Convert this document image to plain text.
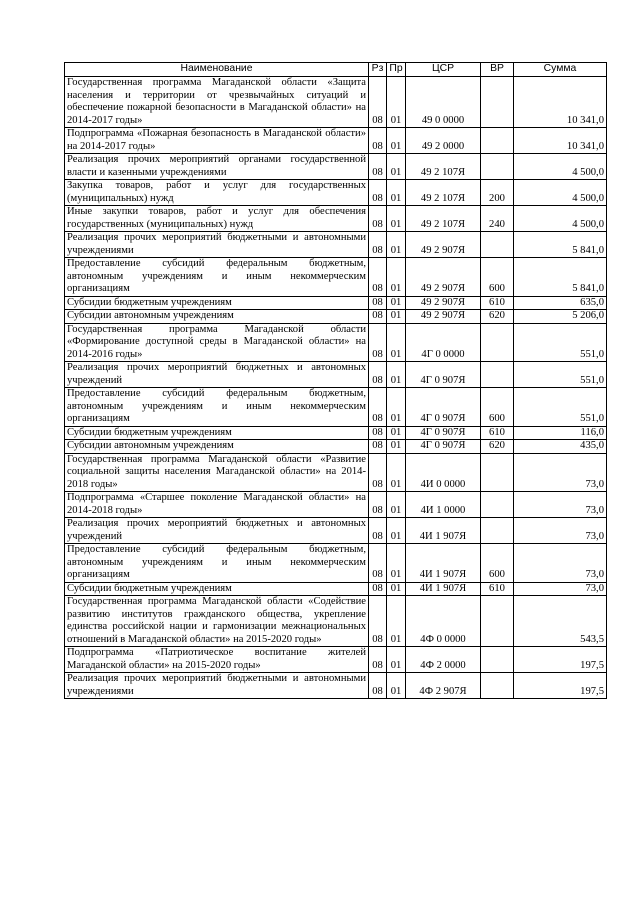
Наименование	Рз	Пр	ЦСР	ВР	Сумма
Государственная программа Магаданской области «Защита населения и территории от чрезвычайных ситуаций и обеспечение пожарной безопасности в Магаданской области» на 2014-2017 годы»	08	01	49 0 0000		10 341,0
Подпрограмма «Пожарная безопасность в Магаданской области» на 2014-2017 годы»	08	01	49 2 0000		10 341,0
Реализация прочих мероприятий органами государственной власти и казенными учреждениями	08	01	49 2 107Я		4 500,0
Закупка товаров, работ и услуг для государственных (муниципальных) нужд	08	01	49 2 107Я	200	4 500,0
Иные закупки товаров, работ и услуг для обеспечения государственных (муниципальных) нужд	08	01	49 2 107Я	240	4 500,0
Реализация прочих мероприятий бюджетными и автономными учреждениями	08	01	49 2 907Я		5 841,0
Предоставление субсидий федеральным бюджетным, автономным учреждениям и иным некоммерческим организациям	08	01	49 2 907Я	600	5 841,0
Субсидии бюджетным учреждениям	08	01	49 2 907Я	610	635,0
Субсидии автономным учреждениям	08	01	49 2 907Я	620	5 206,0
Государственная программа Магаданской области «Формирование доступной среды в Магаданской области» на 2014-2016 годы»	08	01	4Г 0 0000		551,0
Реализация прочих мероприятий бюджетных и автономных учреждений	08	01	4Г 0 907Я		551,0
Предоставление субсидий федеральным бюджетным, автономным учреждениям и иным некоммерческим организациям	08	01	4Г 0 907Я	600	551,0
Субсидии бюджетным учреждениям	08	01	4Г 0 907Я	610	116,0
Субсидии автономным учреждениям	08	01	4Г 0 907Я	620	435,0
Государственная программа Магаданской области «Развитие социальной защиты населения Магаданской области» на 2014-2018 годы»	08	01	4И 0 0000		73,0
Подпрограмма «Старшее поколение Магаданской области» на 2014-2018 годы»	08	01	4И 1 0000		73,0
Реализация прочих мероприятий бюджетных и автономных учреждений	08	01	4И 1 907Я		73,0
Предоставление субсидий федеральным бюджетным, автономным учреждениям и иным некоммерческим организациям	08	01	4И 1 907Я	600	73,0
Субсидии бюджетным учреждениям	08	01	4И 1 907Я	610	73,0
Государственная программа Магаданской области «Содействие развитию институтов гражданского общества, укрепление единства российской нации и гармонизации межнациональных отношений в Магаданской области» на 2015-2020 годы»	08	01	4Ф 0 0000		543,5
Подпрограмма «Патриотическое воспитание жителей Магаданской области» на 2015-2020 годы»	08	01	4Ф 2 0000		197,5
Реализация прочих мероприятий бюджетными и автономными учреждениями	08	01	4Ф 2 907Я		197,5
